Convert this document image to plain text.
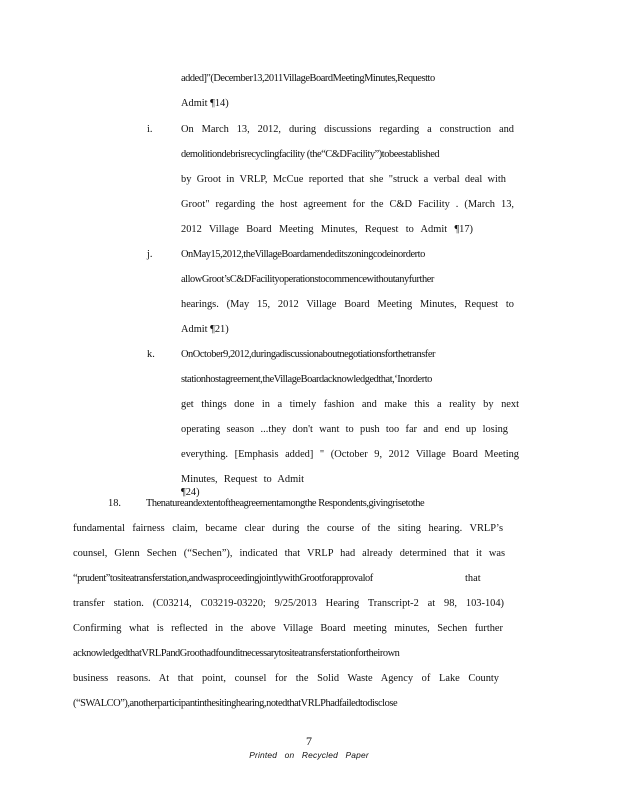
added]"(December13,2011VillageBoardMeetingMinutes,Requestto
Admit ¶14)
i.	On March 13, 2012, during discussions regarding a construction and
demolitiondebrisrecyclingfacility (the“C&DFacility”)tobeestablished
by Groot in VRLP, McCue reported that she "struck a verbal deal with
Groot" regarding the host agreement for the C&D Facility . (March 13,
2012 Village Board Meeting Minutes, Request to Admit ¶17)
j.	OnMay15,2012,theVillageBoardamendeditszoningcodeinorderto
allowGroot’sC&DFacilityoperationstocommencewithoutanyfurther
hearings. (May 15, 2012 Village Board Meeting Minutes, Request to
Admit ¶21)
k.	OnOctober9,2012,duringadiscussionaboutnegotiationsforthetransfer
stationhostagreement,theVillageBoardacknowledgedthat,‘Inorderto
get things done in a timely fashion and make this a reality by next
operating season ...they don't want to push too far and end up losing
everything. [Emphasis added] " (October 9, 2012 Village Board Meeting
Minutes, Request to Admit ¶24)
18. Thenatureandextentoftheagreementamongthe Respondents,givingrisetothe
fundamental fairness claim, became clear during the course of the siting hearing. VRLP’s
counsel, Glenn Sechen (“Sechen”), indicated that VRLP had already determined that it was
“prudent”tositeatransferstation,andwasproceedingjointlywithGrootforapprovalof	that
transfer station. (C03214, C03219-03220; 9/25/2013 Hearing Transcript-2 at 98, 103-104)
Confirming what is reflected in the above Village Board meeting minutes, Sechen further
acknowledgedthatVRLPandGroothadfounditnecessarytositeatransferstationfortheirown
business reasons. At that point, counsel for the Solid Waste Agency of Lake County
(“SWALCO”),anotherparticipantinthesitinghearing,notedthatVRLPhadfailedtodisclose
7
Printed on Recycled Paper
